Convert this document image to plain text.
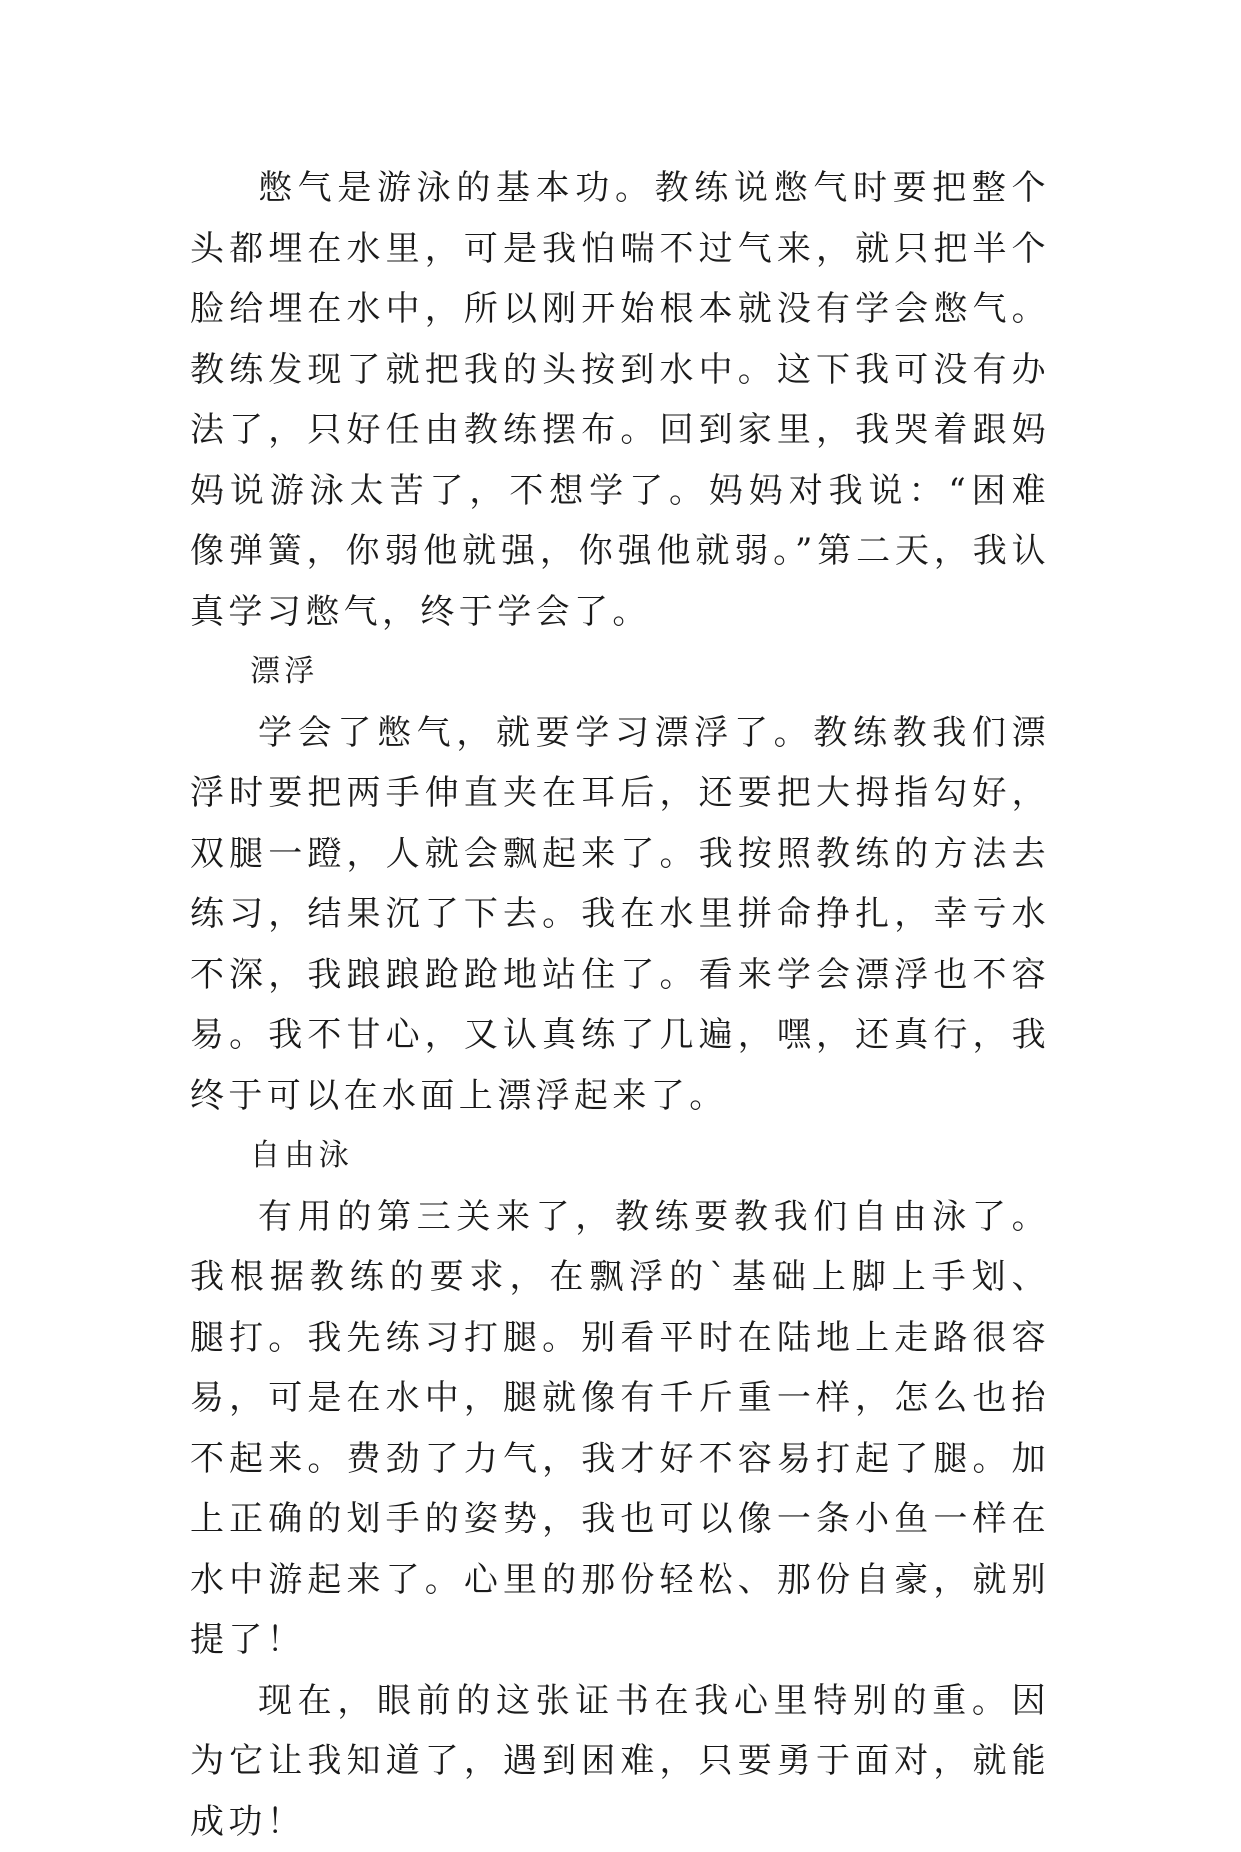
憋气是游泳的基本功。教练说憋气时要把整个头都埋在水里，可是我怕喘不过气来，就只把半个脸给埋在水中，所以刚开始根本就没有学会憋气。教练发现了就把我的头按到水中。这下我可没有办法了，只好任由教练摆布。回到家里，我哭着跟妈妈说游泳太苦了，不想学了。妈妈对我说：“困难像弹簧，你弱他就强，你强他就弱。”第二天，我认真学习憋气，终于学会了。

漂浮

学会了憋气，就要学习漂浮了。教练教我们漂浮时要把两手伸直夹在耳后，还要把大拇指勾好，双腿一蹬，人就会飘起来了。我按照教练的方法去练习，结果沉了下去。我在水里拼命挣扎，幸亏水不深，我踉踉跄跄地站住了。看来学会漂浮也不容易。我不甘心，又认真练了几遍，嘿，还真行，我终于可以在水面上漂浮起来了。

自由泳

有用的第三关来了，教练要教我们自由泳了。我根据教练的要求，在飘浮的`基础上脚上手划、腿打。我先练习打腿。别看平时在陆地上走路很容易，可是在水中，腿就像有千斤重一样，怎么也抬不起来。费劲了力气，我才好不容易打起了腿。加上正确的划手的姿势，我也可以像一条小鱼一样在水中游起来了。心里的那份轻松、那份自豪，就别提了！

现在，眼前的这张证书在我心里特别的重。因为它让我知道了，遇到困难，只要勇于面对，就能成功！
